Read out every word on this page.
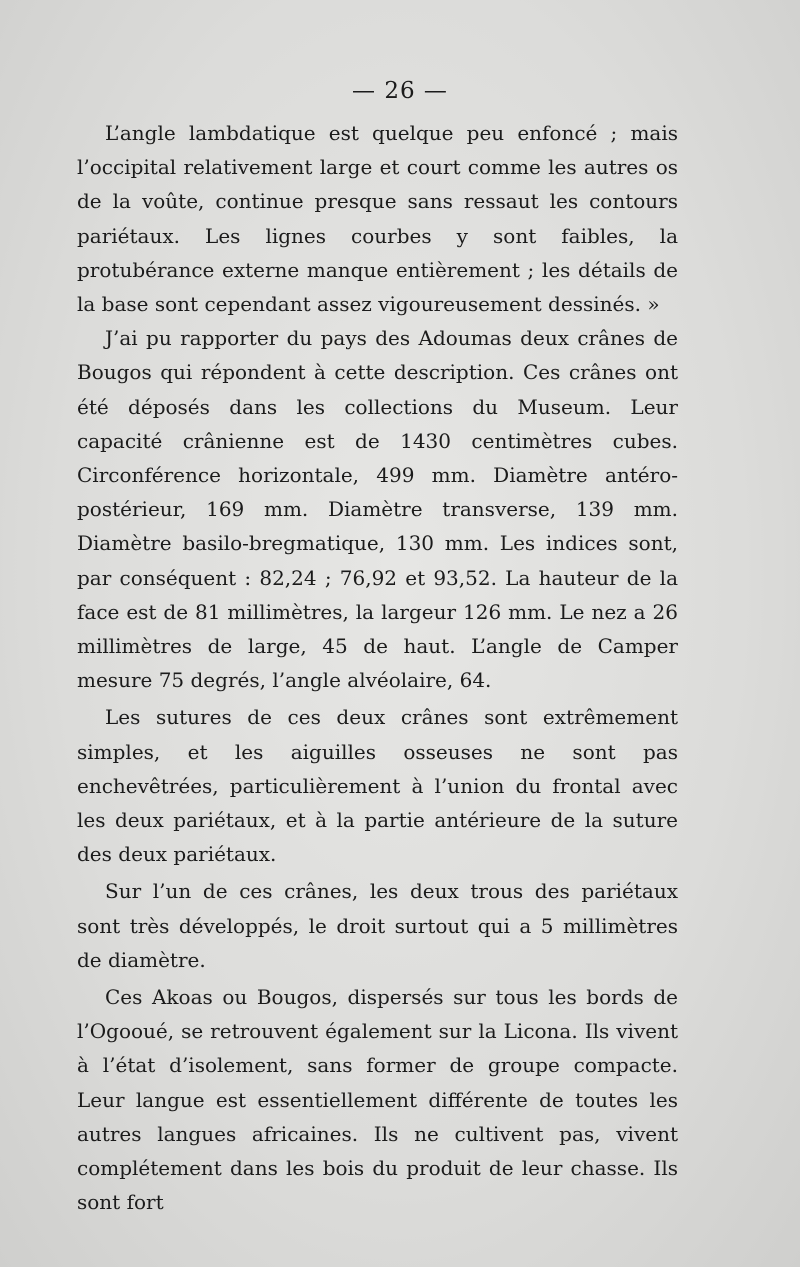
— 26 —

L’angle lambdatique est quelque peu enfoncé ; mais l’occipital relativement large et court comme les autres os de la voûte, continue presque sans ressaut les contours pariétaux. Les lignes courbes y sont faibles, la protubérance externe manque entièrement ; les détails de la base sont cependant assez vigoureusement dessinés. »

J’ai pu rapporter du pays des Adoumas deux crânes de Bougos qui répondent à cette description. Ces crânes ont été déposés dans les collections du Museum. Leur capacité crânienne est de 1430 centimètres cubes. Circonférence horizontale, 499 mm. Diamètre antéro-postérieur, 169 mm. Diamètre transverse, 139 mm. Diamètre basilo-bregmatique, 130 mm. Les indices sont, par conséquent : 82,24 ; 76,92 et 93,52. La hauteur de la face est de 81 millimètres, la largeur 126 mm. Le nez a 26 millimètres de large, 45 de haut. L’angle de Camper mesure 75 degrés, l’angle alvéolaire, 64.

Les sutures de ces deux crânes sont extrêmement simples, et les aiguilles osseuses ne sont pas enchevêtrées, particulièrement à l’union du frontal avec les deux pariétaux, et à la partie antérieure de la suture des deux pariétaux.

Sur l’un de ces crânes, les deux trous des pariétaux sont très développés, le droit surtout qui a 5 millimètres de diamètre.

Ces Akoas ou Bougos, dispersés sur tous les bords de l’Ogooué, se retrouvent également sur la Licona. Ils vivent à l’état d’isolement, sans former de groupe compacte. Leur langue est essentiellement différente de toutes les autres langues africaines. Ils ne cultivent pas, vivent complétement dans les bois du produit de leur chasse. Ils sont fort
